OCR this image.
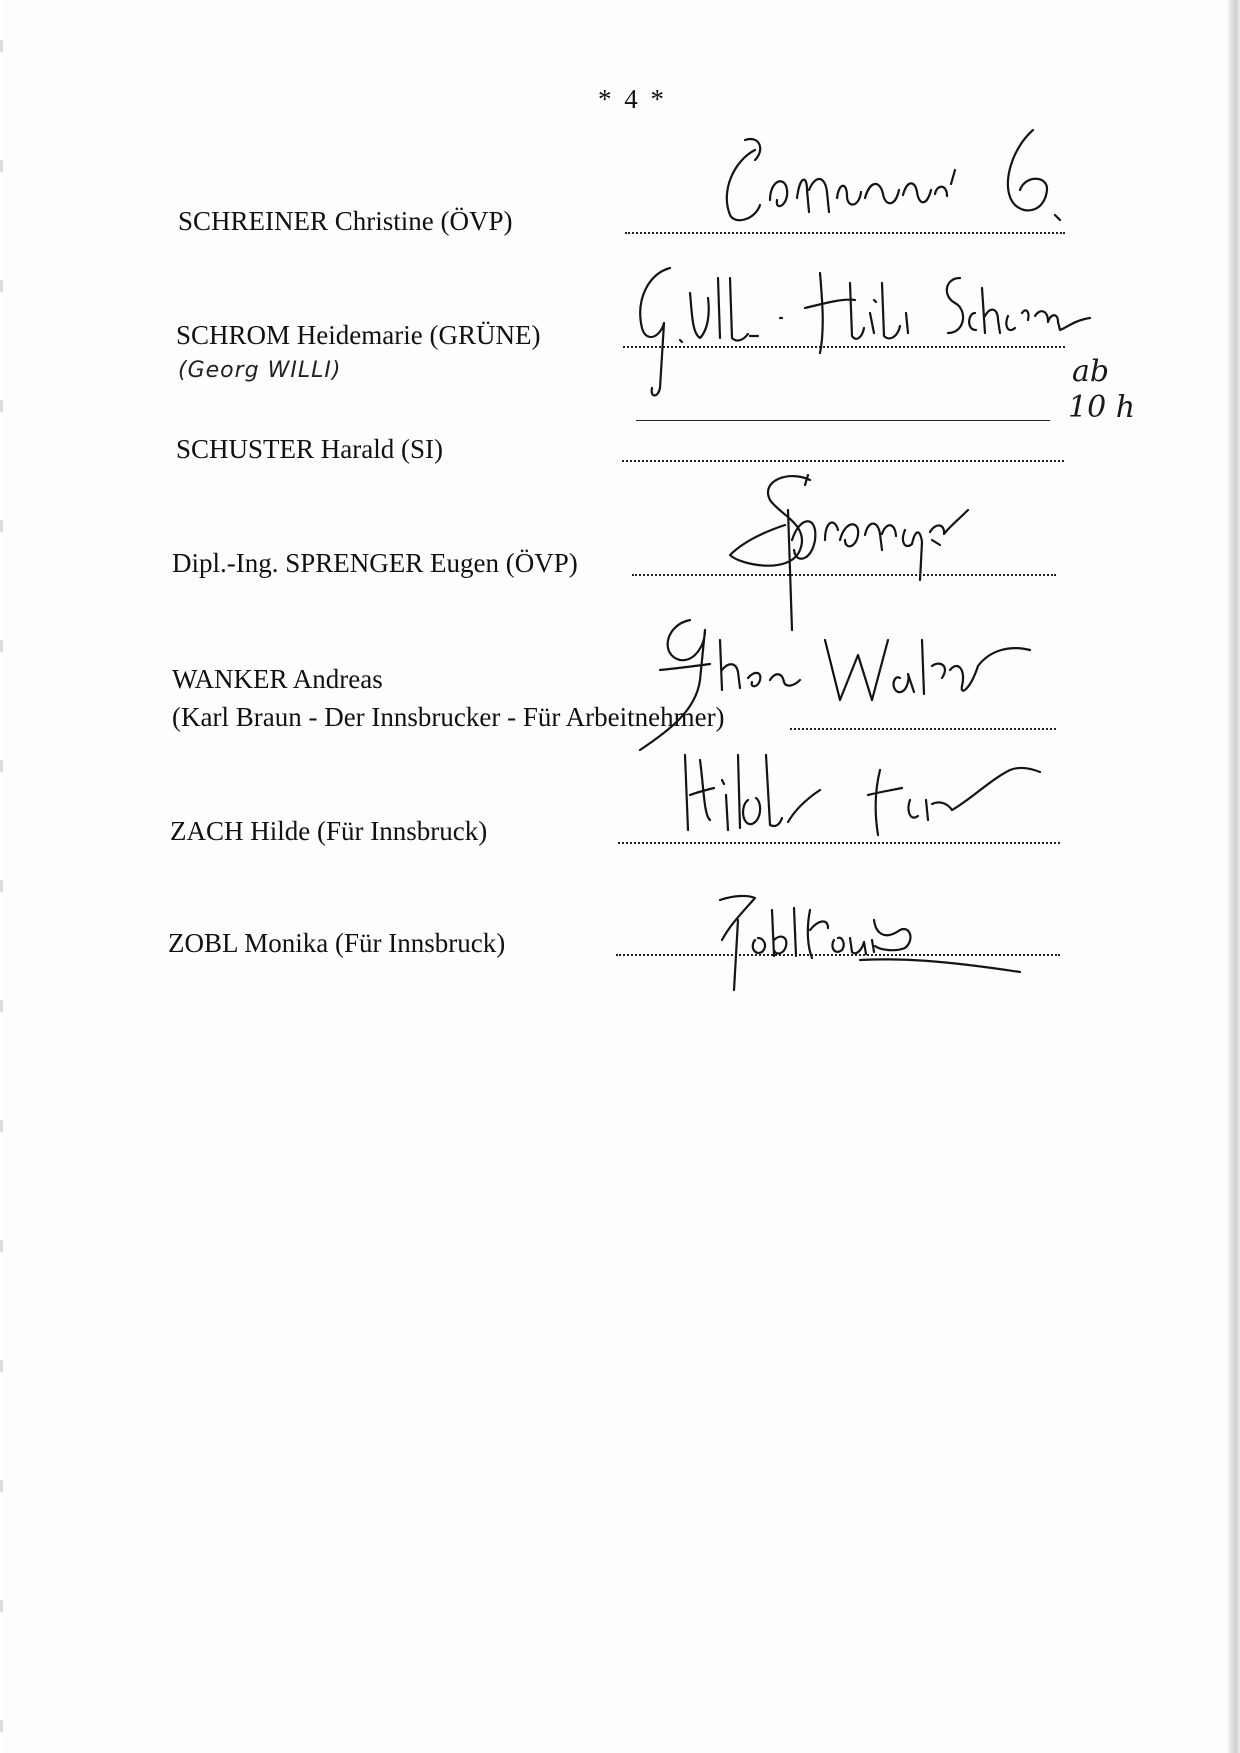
* 4 *
SCHREINER Christine (ÖVP)
SCHROM Heidemarie (GRÜNE)
(Georg WILLI)	ab
10 h
SCHUSTER Harald (SI)
Dipl.-Ing. SPRENGER Eugen (ÖVP)
WANKER Andreas
(Karl Braun - Der Innsbrucker - Für Arbeitnehmer)
ZACH Hilde (Für Innsbruck)
ZOBL Monika (Für Innsbruck)
